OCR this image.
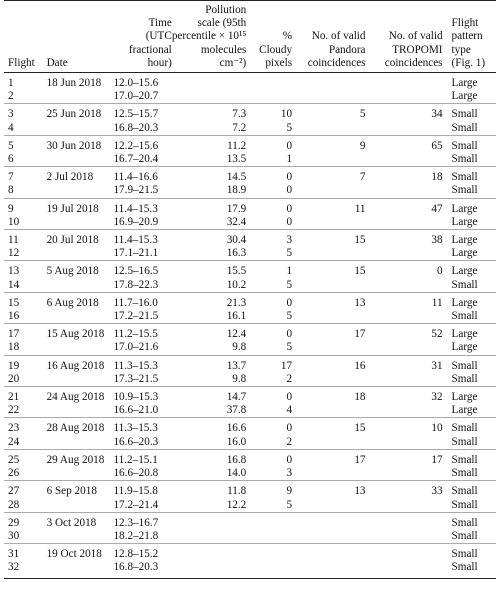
Flight	Date	Time
(UTC
fractional
hour)	Pollution
scale (95th
percentile × 10¹⁵
molecules cm⁻²)	%
Cloudy
pixels	No. of valid
Pandora
coincidences	No. of valid
TROPOMI
coincidences	Flight
pattern
type
(Fig. 1)

1	18 Jun 2018	12.0–15.6					Large
2		17.0–20.7					Large
3	25 Jun 2018	12.5–15.7	7.3	10	5	34	Small
4		16.8–20.3	7.2	5			Small
5	30 Jun 2018	12.2–15.6	11.2	0	9	65	Small
6		16.7–20.4	13.5	1			Small
7	2 Jul 2018	11.4–16.6	14.5	0	7	18	Small
8		17.9–21.5	18.9	0			Small
9	19 Jul 2018	11.4–15.3	17.9	0	11	47	Large
10		16.9–20.9	32.4	0			Large
11	20 Jul 2018	11.4–15.3	30.4	3	15	38	Large
12		17.1–21.1	16.3	5			Large
13	5 Aug 2018	12.5–16.5	15.5	1	15	0	Large
14		17.8–22.3	10.2	5			Small
15	6 Aug 2018	11.7–16.0	21.3	0	13	11	Large
16		17.2–21.5	16.1	5			Small
17	15 Aug 2018	11.2–15.5	12.4	0	17	52	Large
18		17.0–21.6	9.8	5			Large
19	16 Aug 2018	11.3–15.3	13.7	17	16	31	Small
20		17.3–21.5	9.8	2			Small
21	24 Aug 2018	10.9–15.3	14.7	0	18	32	Large
22		16.6–21.0	37.8	4			Large
23	28 Aug 2018	11.3–15.3	16.6	0	15	10	Small
24		16.6–20.3	16.0	2			Small
25	29 Aug 2018	11.2–15.1	16.8	0	17	17	Small
26		16.6–20.8	14.0	3			Small
27	6 Sep 2018	11.9–15.8	11.8	9	13	33	Small
28		17.2–21.4	12.2	5			Small
29	3 Oct 2018	12.3–16.7					Small
30		18.2–21.8					Small
31	19 Oct 2018	12.8–15.2					Small
32		16.8–20.3					Small
